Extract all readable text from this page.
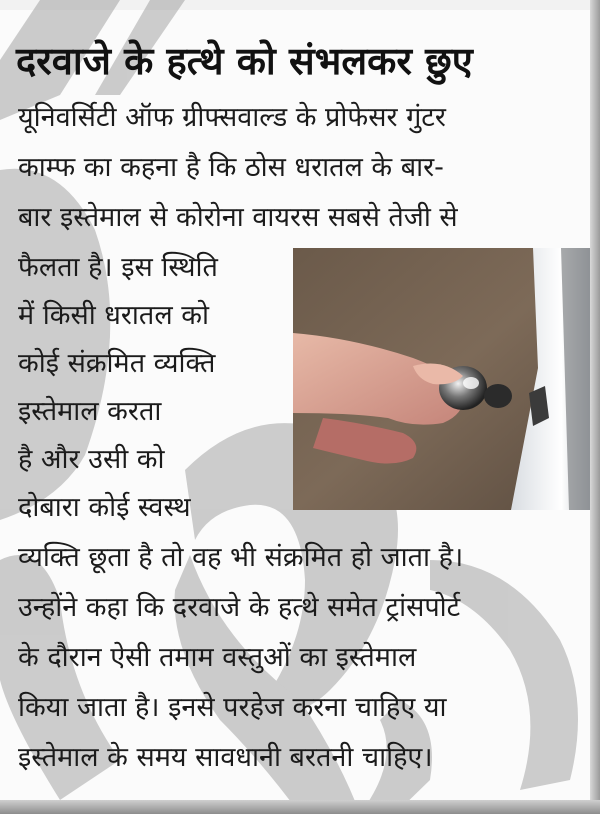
दरवाजे के हत्थे को संभलकर छुए
यूनिवर्सिटी ऑफ ग्रीफ्सवाल्ड के प्रोफेसर गुंटर
काम्फ का कहना है कि ठोस धरातल के बार-
बार इस्तेमाल से कोरोना वायरस सबसे तेजी से
फैलता है। इस स्थिति
में किसी धरातल को
कोई संक्रमित व्यक्ति
इस्तेमाल करता
है और उसी को
दोबारा कोई स्वस्थ
व्यक्ति छूता है तो वह भी संक्रमित हो जाता है।
उन्होंने कहा कि दरवाजे के हत्थे समेत ट्रांसपोर्ट
के दौरान ऐसी तमाम वस्तुओं का इस्तेमाल
किया जाता है। इनसे परहेज करना चाहिए या
इस्तेमाल के समय सावधानी बरतनी चाहिए।
